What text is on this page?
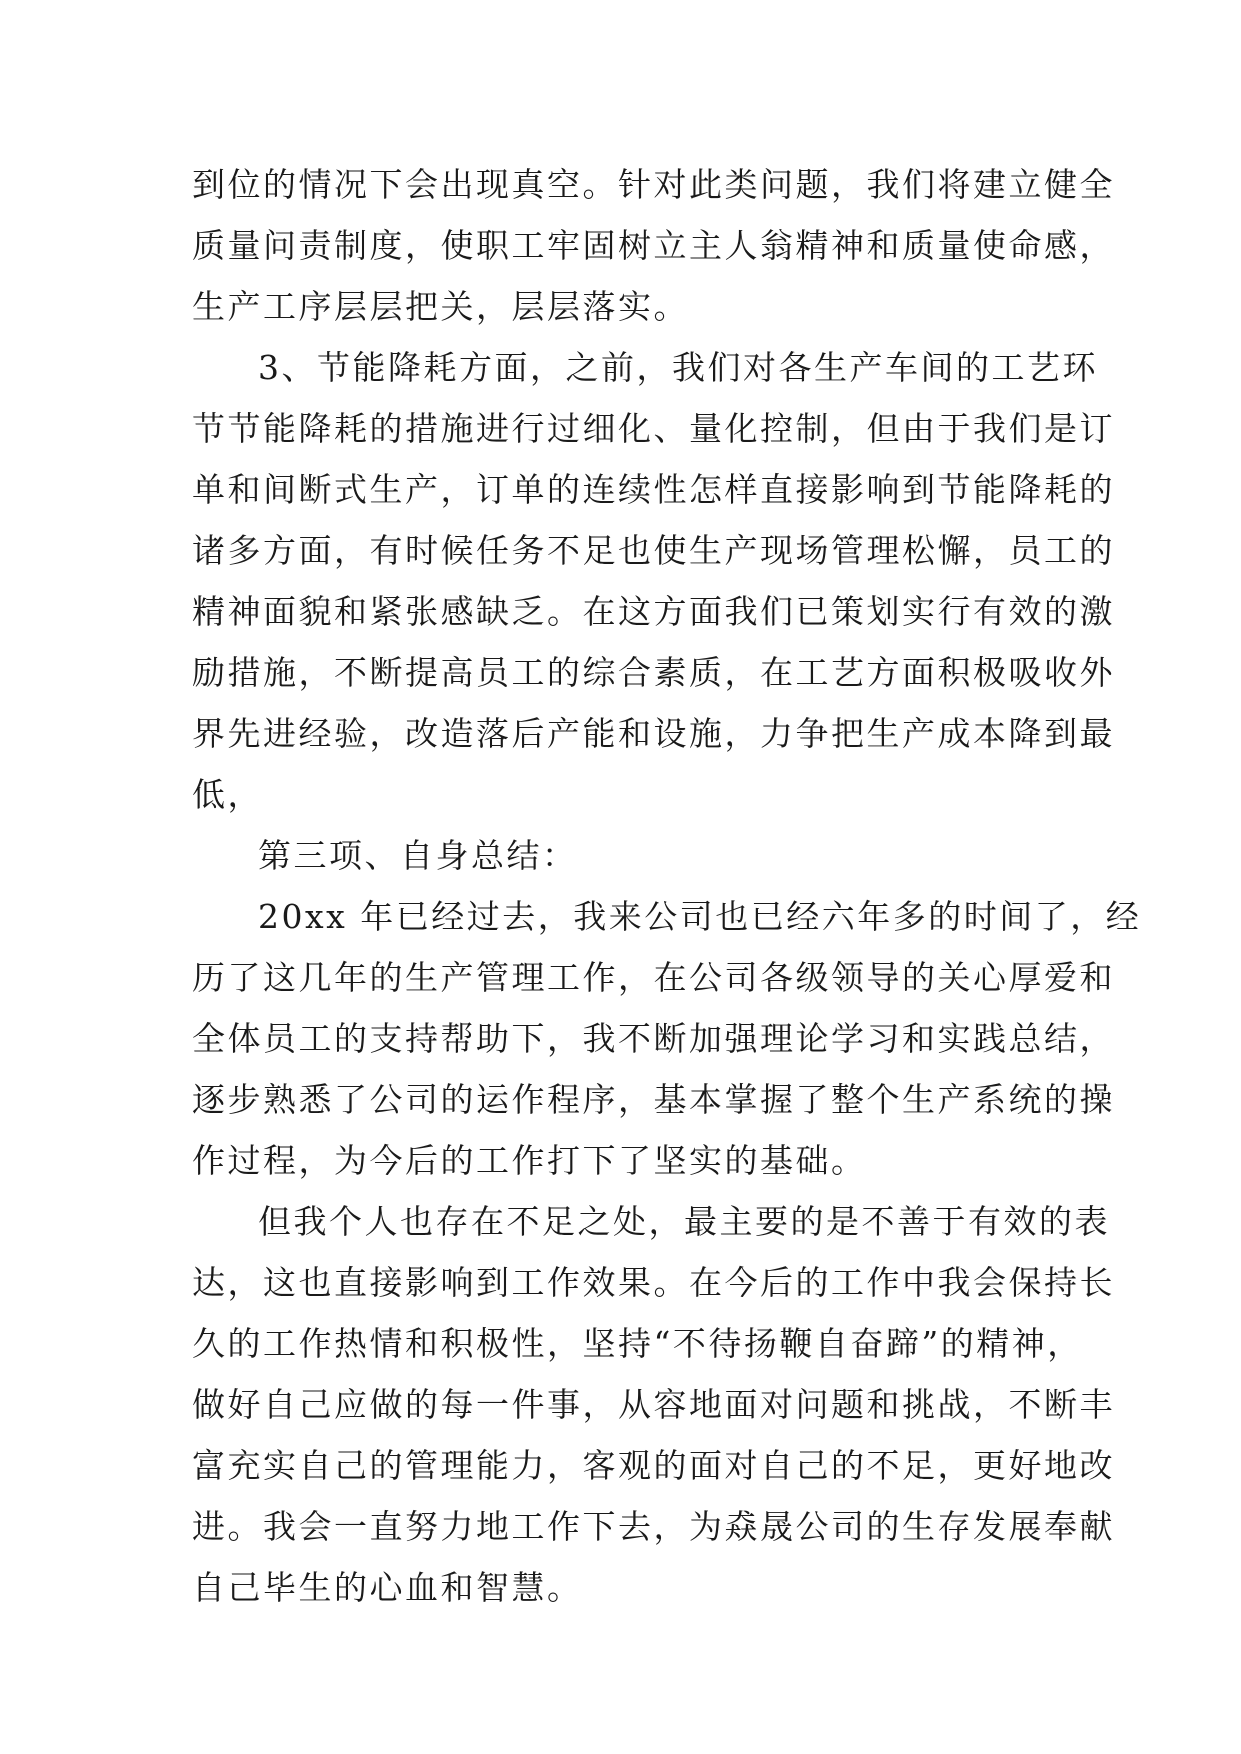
到位的情况下会出现真空。针对此类问题，我们将建立健全
质量问责制度，使职工牢固树立主人翁精神和质量使命感，
生产工序层层把关，层层落实。
3、节能降耗方面，之前，我们对各生产车间的工艺环
节节能降耗的措施进行过细化、量化控制，但由于我们是订
单和间断式生产，订单的连续性怎样直接影响到节能降耗的
诸多方面，有时候任务不足也使生产现场管理松懈，员工的
精神面貌和紧张感缺乏。在这方面我们已策划实行有效的激
励措施，不断提高员工的综合素质，在工艺方面积极吸收外
界先进经验，改造落后产能和设施，力争把生产成本降到最
低，
第三项、自身总结：
20xx 年已经过去，我来公司也已经六年多的时间了，经
历了这几年的生产管理工作，在公司各级领导的关心厚爱和
全体员工的支持帮助下，我不断加强理论学习和实践总结，
逐步熟悉了公司的运作程序，基本掌握了整个生产系统的操
作过程，为今后的工作打下了坚实的基础。
但我个人也存在不足之处，最主要的是不善于有效的表
达，这也直接影响到工作效果。在今后的工作中我会保持长
久的工作热情和积极性，坚持“不待扬鞭自奋蹄”的精神，
做好自己应做的每一件事，从容地面对问题和挑战，不断丰
富充实自己的管理能力，客观的面对自己的不足，更好地改
进。我会一直努力地工作下去，为猋晟公司的生存发展奉献
自己毕生的心血和智慧。
